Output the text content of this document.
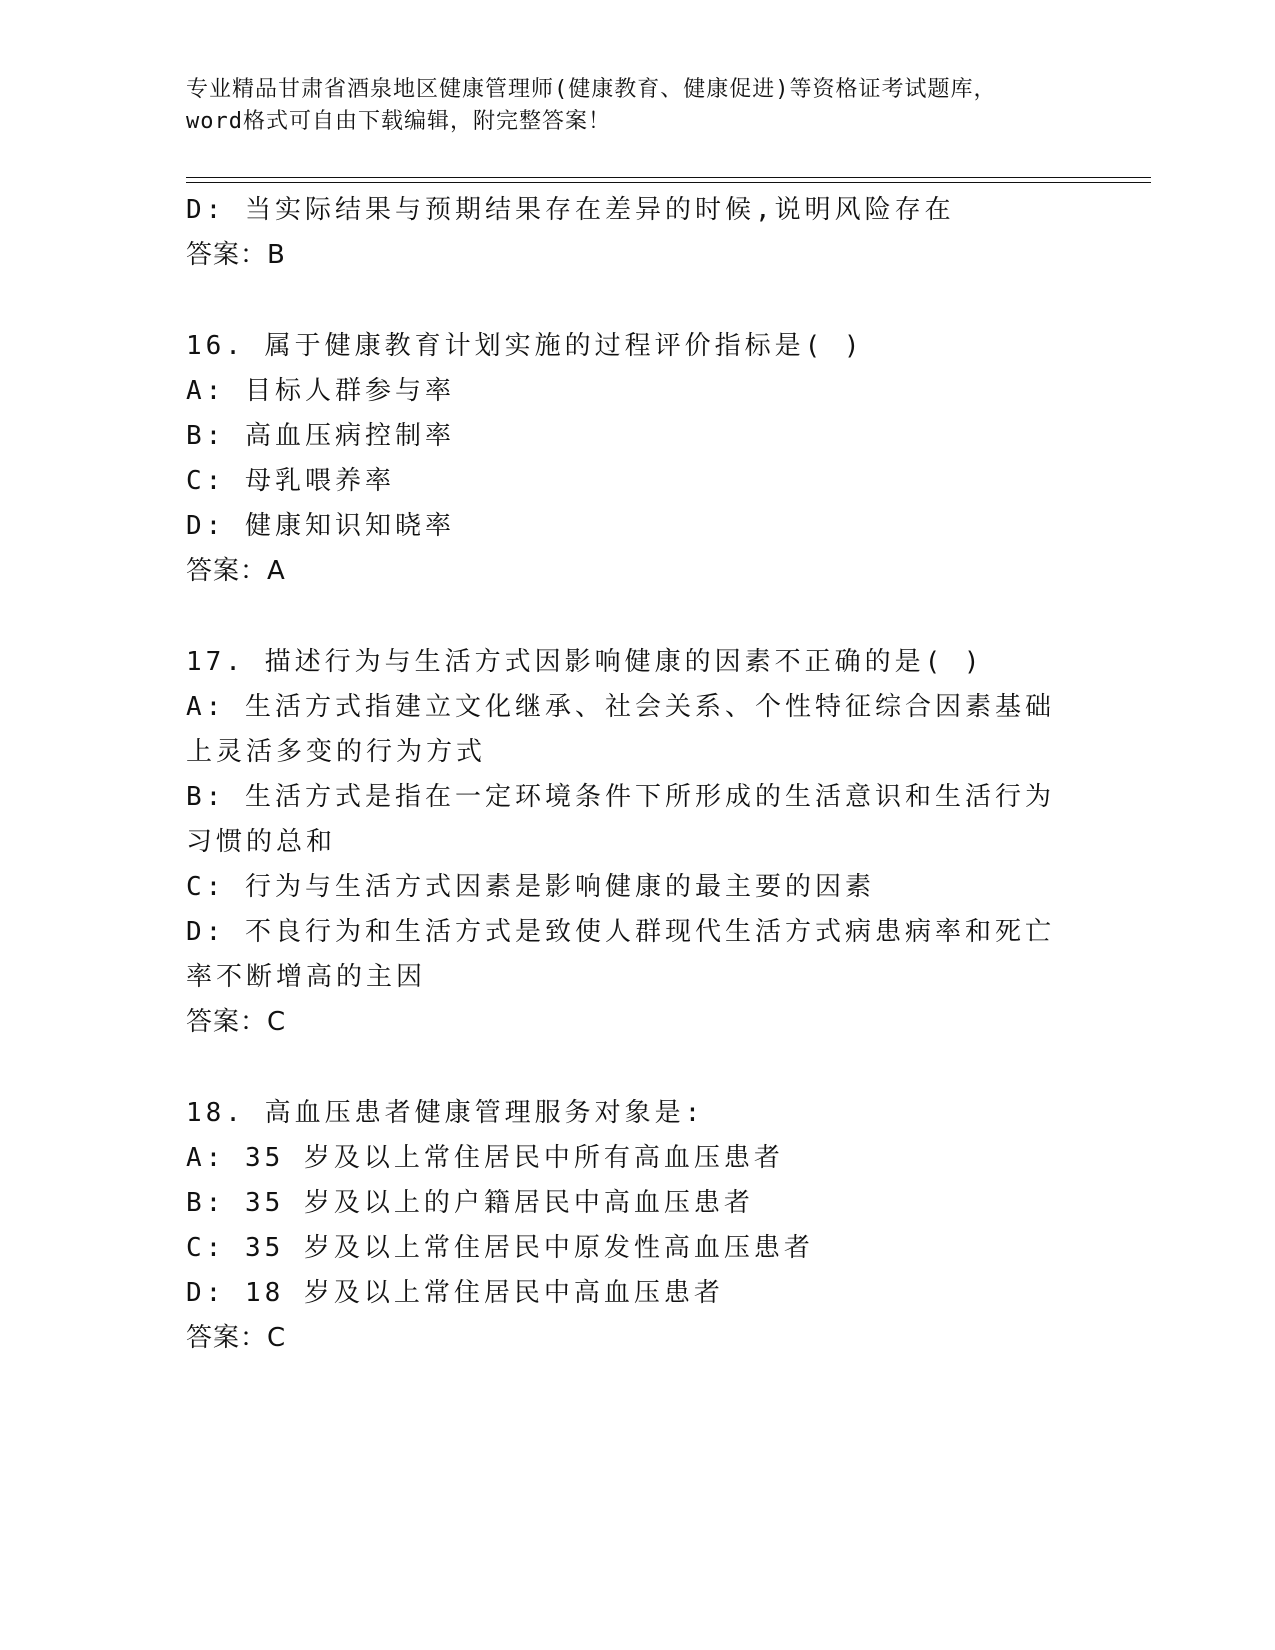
专业精品甘肃省酒泉地区健康管理师(健康教育、健康促进)等资格证考试题库，
word格式可自由下载编辑，附完整答案！
D: 当实际结果与预期结果存在差异的时候,说明风险存在
答案：B
16. 属于健康教育计划实施的过程评价指标是( )
A: 目标人群参与率
B: 高血压病控制率
C: 母乳喂养率
D: 健康知识知晓率
答案：A
17. 描述行为与生活方式因影响健康的因素不正确的是( )
A: 生活方式指建立文化继承、社会关系、个性特征综合因素基础上灵活多变的行为方式
B: 生活方式是指在一定环境条件下所形成的生活意识和生活行为习惯的总和
C: 行为与生活方式因素是影响健康的最主要的因素
D: 不良行为和生活方式是致使人群现代生活方式病患病率和死亡率不断增高的主因
答案：C
18. 高血压患者健康管理服务对象是:
A: 35 岁及以上常住居民中所有高血压患者
B: 35 岁及以上的户籍居民中高血压患者
C: 35 岁及以上常住居民中原发性高血压患者
D: 18 岁及以上常住居民中高血压患者
答案：C
